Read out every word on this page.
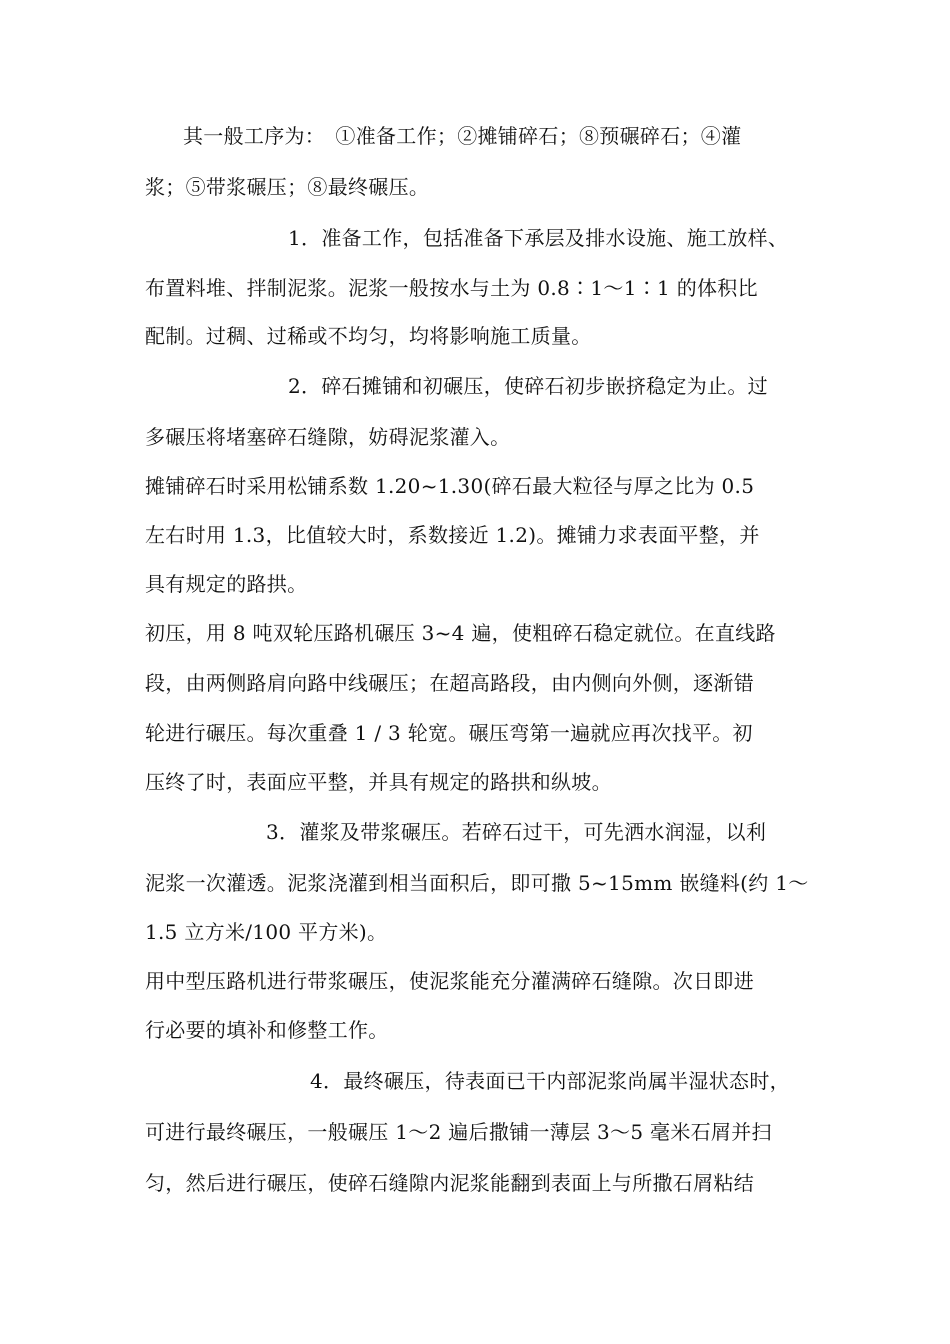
其一般工序为：　①准备工作；②摊铺碎石；⑧预碾碎石；④灌
浆；⑤带浆碾压；⑧最终碾压。
1．准备工作，包括准备下承层及排水设施、施工放样、
布置料堆、拌制泥浆。泥浆一般按水与土为 0.8∶1～1∶1 的体积比
配制。过稠、过稀或不均匀，均将影响施工质量。
2．碎石摊铺和初碾压，使碎石初步嵌挤稳定为止。过
多碾压将堵塞碎石缝隙，妨碍泥浆灌入。
摊铺碎石时采用松铺系数 1.20~1.30(碎石最大粒径与厚之比为 0.5
左右时用 1.3，比值较大时，系数接近 1.2)。摊铺力求表面平整，并
具有规定的路拱。
初压，用 8 吨双轮压路机碾压 3~4 遍，使粗碎石稳定就位。在直线路
段，由两侧路肩向路中线碾压；在超高路段，由内侧向外侧，逐渐错
轮进行碾压。每次重叠 1 / 3 轮宽。碾压弯第一遍就应再次找平。初
压终了时，表面应平整，并具有规定的路拱和纵坡。
3．灌浆及带浆碾压。若碎石过干，可先洒水润湿，以利
泥浆一次灌透。泥浆浇灌到相当面积后，即可撒 5~15mm 嵌缝料(约 1～
1.5 立方米/100 平方米)。
用中型压路机进行带浆碾压，使泥浆能充分灌满碎石缝隙。次日即进
行必要的填补和修整工作。
4．最终碾压，待表面已干内部泥浆尚属半湿状态时，
可进行最终碾压，一般碾压 1～2 遍后撒铺一薄层 3～5 毫米石屑并扫
匀，然后进行碾压，使碎石缝隙内泥浆能翻到表面上与所撒石屑粘结
